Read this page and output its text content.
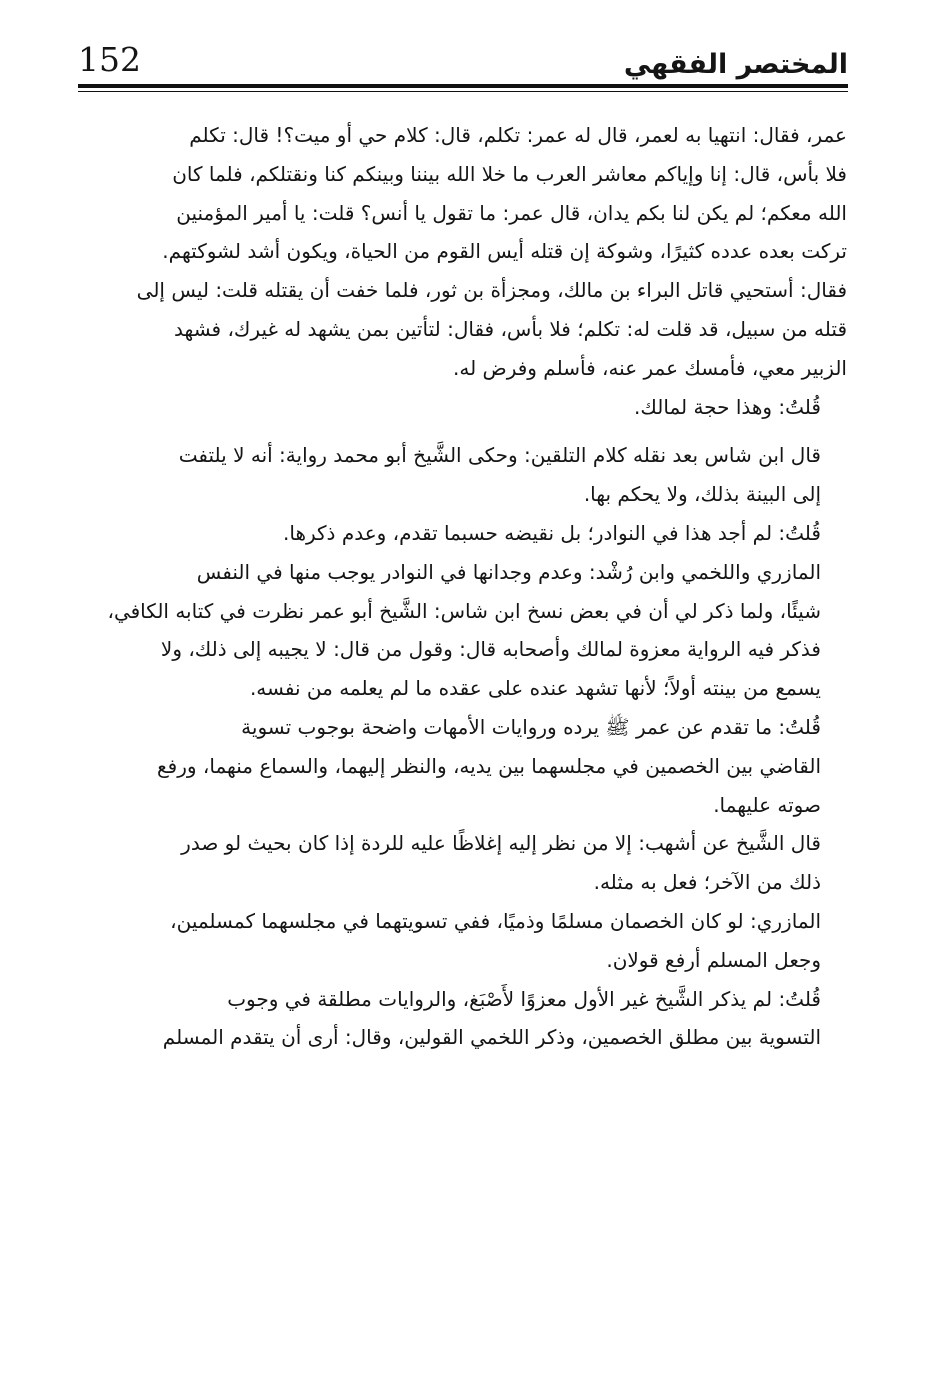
152	المختصر الفقهي

عمر، فقال: انتهيا به لعمر، قال له عمر: تكلم، قال: كلام حي أو ميت؟! قال: تكلم
فلا بأس، قال: إنا وإياكم معاشر العرب ما خلا الله بيننا وبينكم كنا ونقتلكم، فلما كان
الله معكم؛ لم يكن لنا بكم يدان، قال عمر: ما تقول يا أنس؟ قلت: يا أمير المؤمنين
تركت بعده عدده كثيرًا، وشوكة إن قتله أيس القوم من الحياة، ويكون أشد لشوكتهم.
فقال: أستحيي قاتل البراء بن مالك، ومجزأة بن ثور، فلما خفت أن يقتله قلت: ليس إلى
قتله من سبيل، قد قلت له: تكلم؛ فلا بأس، فقال: لتأتين بمن يشهد له غيرك، فشهد
الزبير معي، فأمسك عمر عنه، فأسلم وفرض له.

قُلتُ: وهذا حجة لمالك.

قال ابن شاس بعد نقله كلام التلقين: وحكى الشَّيخ أبو محمد رواية: أنه لا يلتفت
إلى البينة بذلك، ولا يحكم بها.

قُلتُ: لم أجد هذا في النوادر؛ بل نقيضه حسبما تقدم، وعدم ذكرها.

المازري واللخمي وابن رُشْد: وعدم وجدانها في النوادر يوجب منها في النفس
شيئًا، ولما ذكر لي أن في بعض نسخ ابن شاس: الشَّيخ أبو عمر نظرت في كتابه الكافي،
فذكر فيه الرواية معزوة لمالك وأصحابه قال: وقول من قال: لا يجيبه إلى ذلك، ولا
يسمع من بينته أولاً؛ لأنها تشهد عنده على عقده ما لم يعلمه من نفسه.

قُلتُ: ما تقدم عن عمر ﷺ يرده وروايات الأمهات واضحة بوجوب تسوية
القاضي بين الخصمين في مجلسهما بين يديه، والنظر إليهما، والسماع منهما، ورفع
صوته عليهما.

قال الشَّيخ عن أشهب: إلا من نظر إليه إغلاظًا عليه للردة إذا كان بحيث لو صدر
ذلك من الآخر؛ فعل به مثله.

المازري: لو كان الخصمان مسلمًا وذميًا، ففي تسويتهما في مجلسهما كمسلمين،
وجعل المسلم أرفع قولان.

قُلتُ: لم يذكر الشَّيخ غير الأول معزوًا لأَصْبَغ، والروايات مطلقة في وجوب
التسوية بين مطلق الخصمين، وذكر اللخمي القولين، وقال: أرى أن يتقدم المسلم
